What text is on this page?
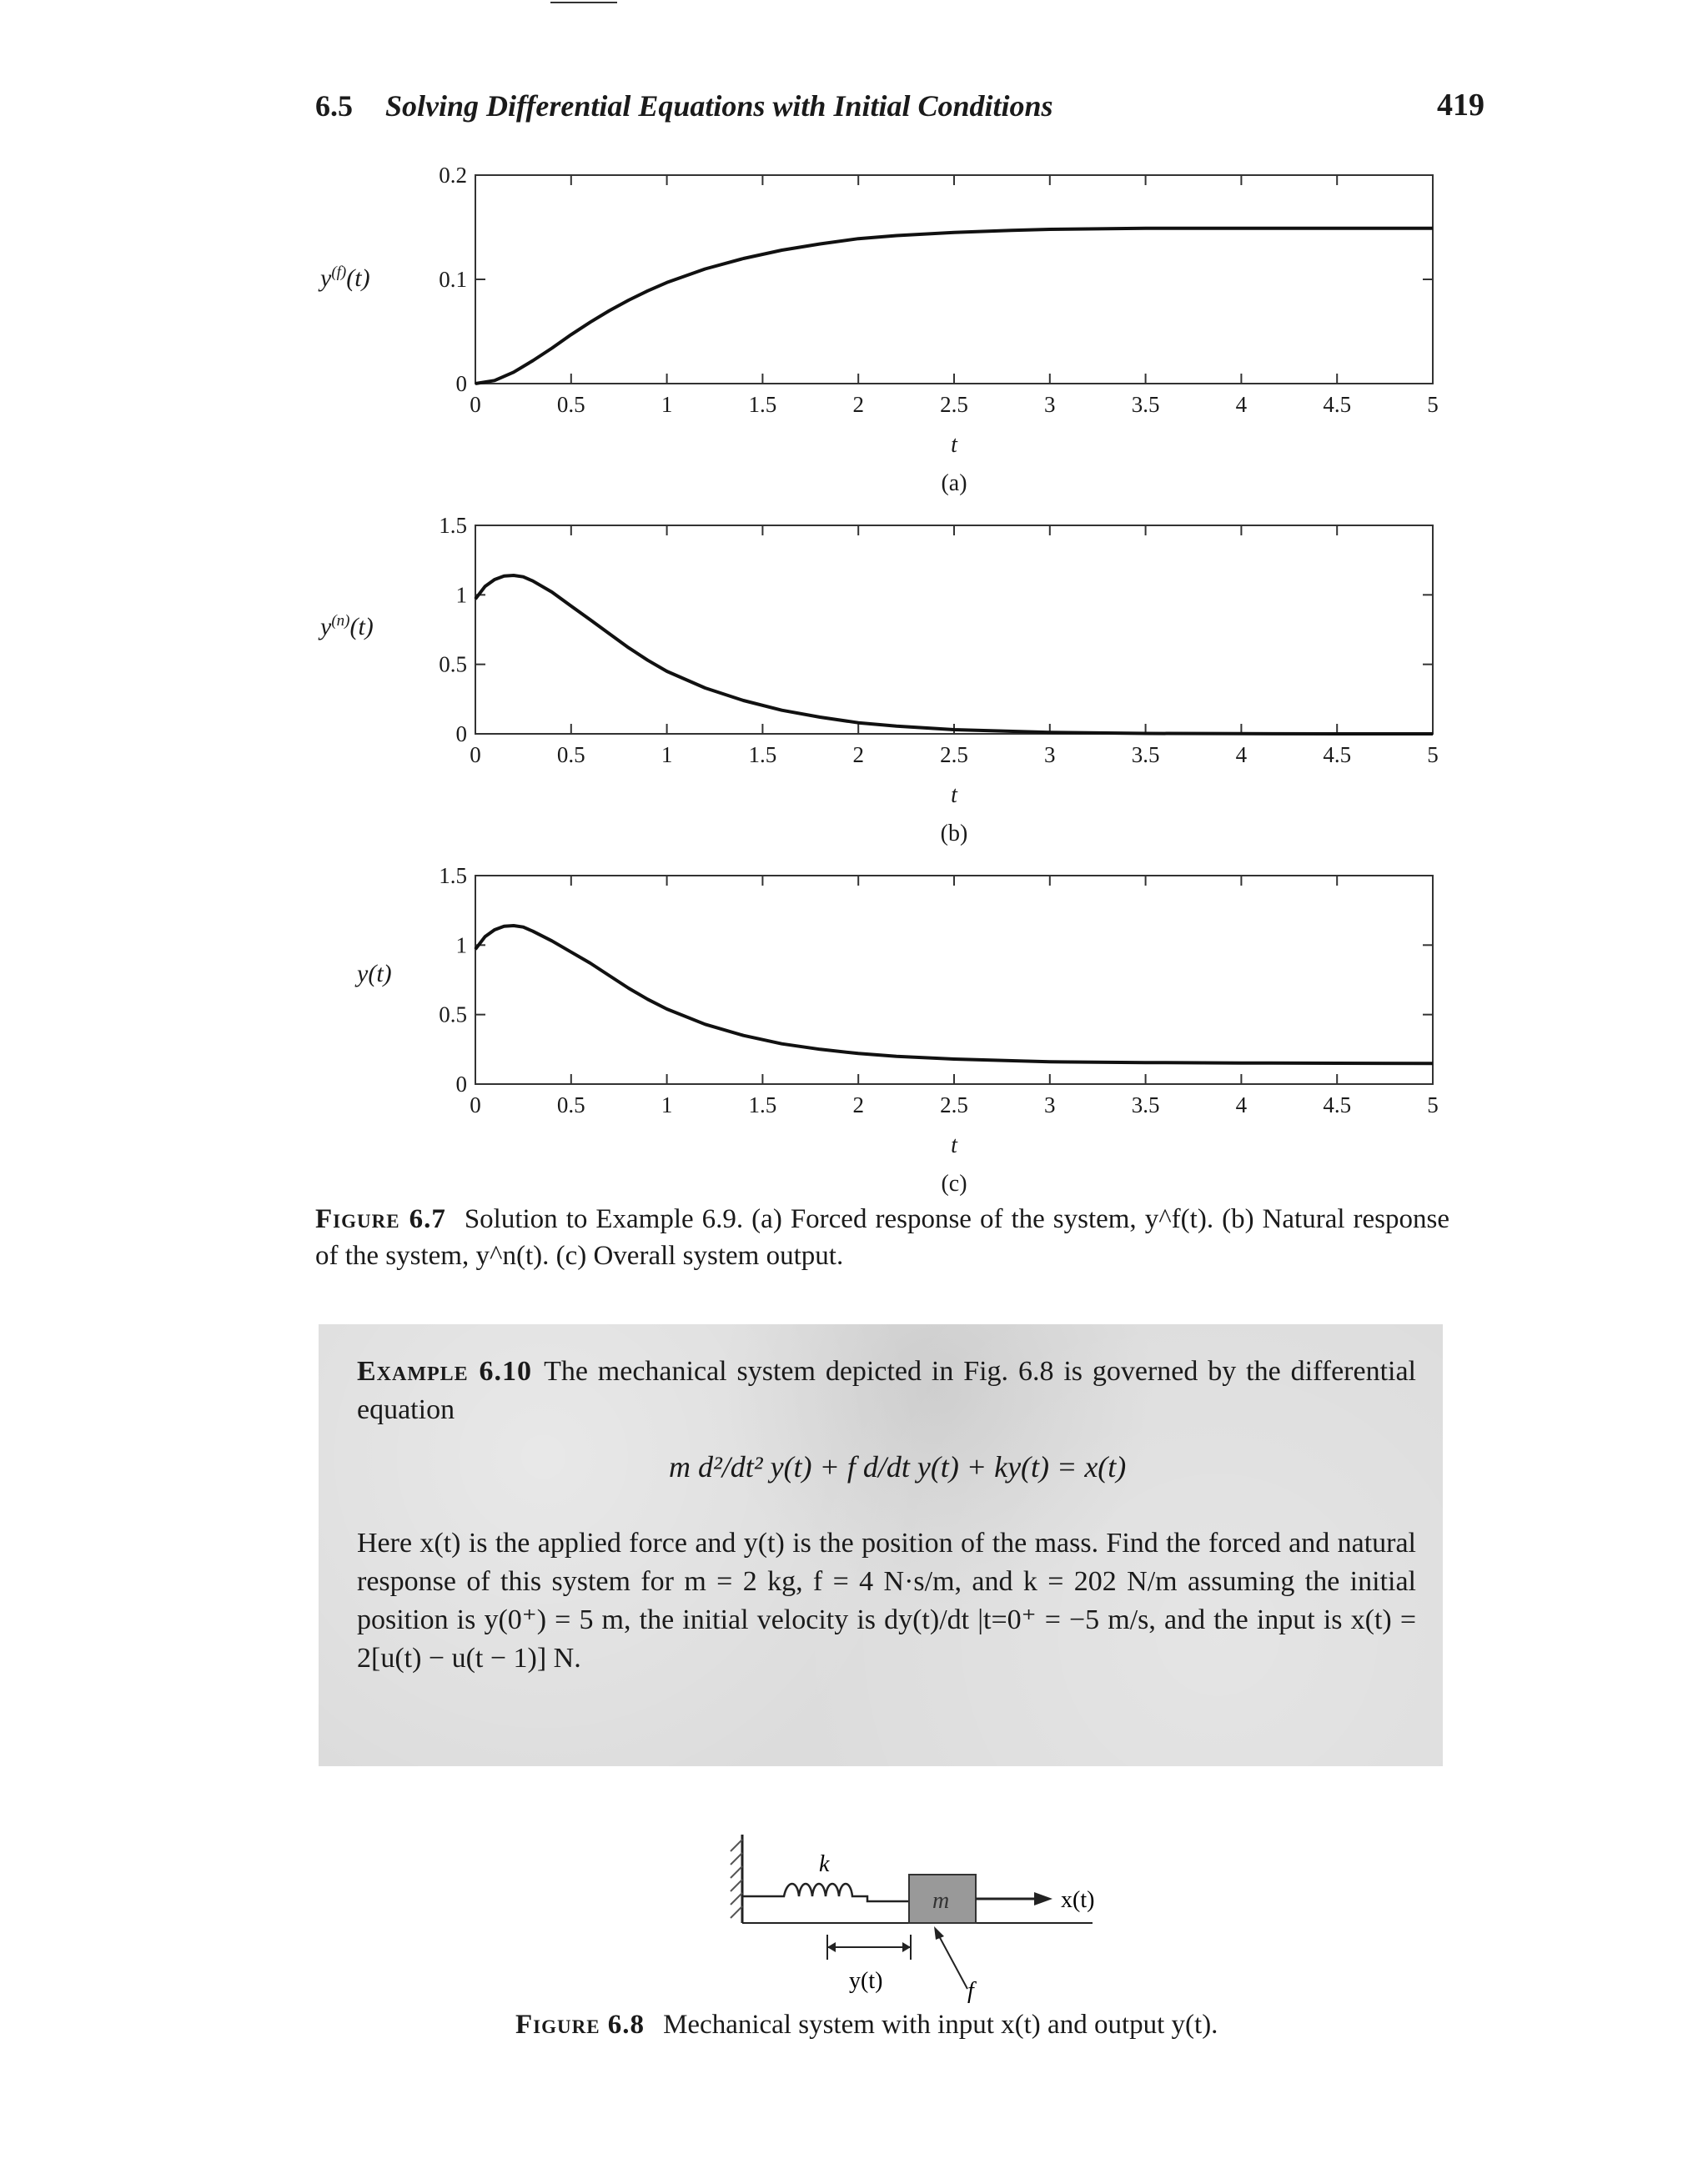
6.5 Solving Differential Equations with Initial Conditions	419
$y^{(f)}(t)$
0	0.5	1	1.5	2	2.5	3	3.5	4	4.5	5
0
0.1
0.2
t
(a)
$y^{(n)}(t)$
0	0.5	1	1.5	2	2.5	3	3.5	4	4.5	5
0
0.5
1
1.5
t
(b)
y(t)
0	0.5	1	1.5	2	2.5	3	3.5	4	4.5	5
0
0.5
1
1.5
t
(c)
Figure 6.7 Solution to Example 6.9. (a) Forced response of the system, y^f(t). (b) Natural response of the system, y^n(t). (c) Overall system output.
Example 6.10 The mechanical system depicted in Fig. 6.8 is governed by the differential equation
m d²/dt² y(t) + f d/dt y(t) + ky(t) = x(t)
Here x(t) is the applied force and y(t) is the position of the mass. Find the forced and natural response of this system for m = 2 kg, f = 4 N·s/m, and k = 202 N/m assuming the initial position is y(0⁺) = 5 m, the initial velocity is dy(t)/dt |t=0⁺ = −5 m/s, and the input is x(t) = 2[u(t) − u(t − 1)] N.
k
m	x(t)
y(t)	f
Figure 6.8 Mechanical system with input x(t) and output y(t).
